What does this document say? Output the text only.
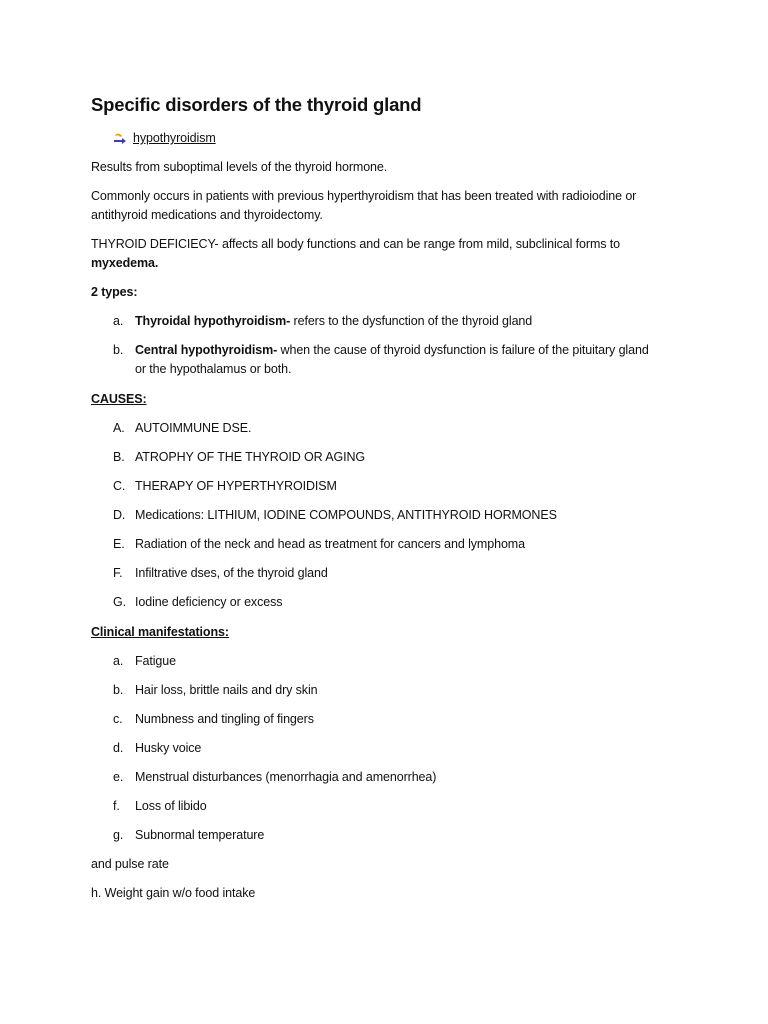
Specific disorders of the thyroid gland
hypothyroidism
Results from suboptimal levels of the thyroid hormone.
Commonly occurs in patients with previous hyperthyroidism that has been treated with radioiodine or
antithyroid medications and thyroidectomy.
THYROID DEFICIECY- affects all body functions and can be range from mild, subclinical forms to
myxedema.
2 types:
a. Thyroidal hypothyroidism- refers to the dysfunction of the thyroid gland
b. Central hypothyroidism- when the cause of thyroid dysfunction is failure of the pituitary gland
or the hypothalamus or both.
CAUSES:
A. AUTOIMMUNE DSE.
B. ATROPHY OF THE THYROID OR AGING
C. THERAPY OF HYPERTHYROIDISM
D. Medications: LITHIUM, IODINE COMPOUNDS, ANTITHYROID HORMONES
E. Radiation of the neck and head as treatment for cancers and lymphoma
F. Infiltrative dses, of the thyroid gland
G. Iodine deficiency or excess
Clinical manifestations:
a. Fatigue
b. Hair loss, brittle nails and dry skin
c. Numbness and tingling of fingers
d. Husky voice
e. Menstrual disturbances (menorrhagia and amenorrhea)
f. Loss of libido
g. Subnormal temperature
and pulse rate
h. Weight gain w/o food intake
